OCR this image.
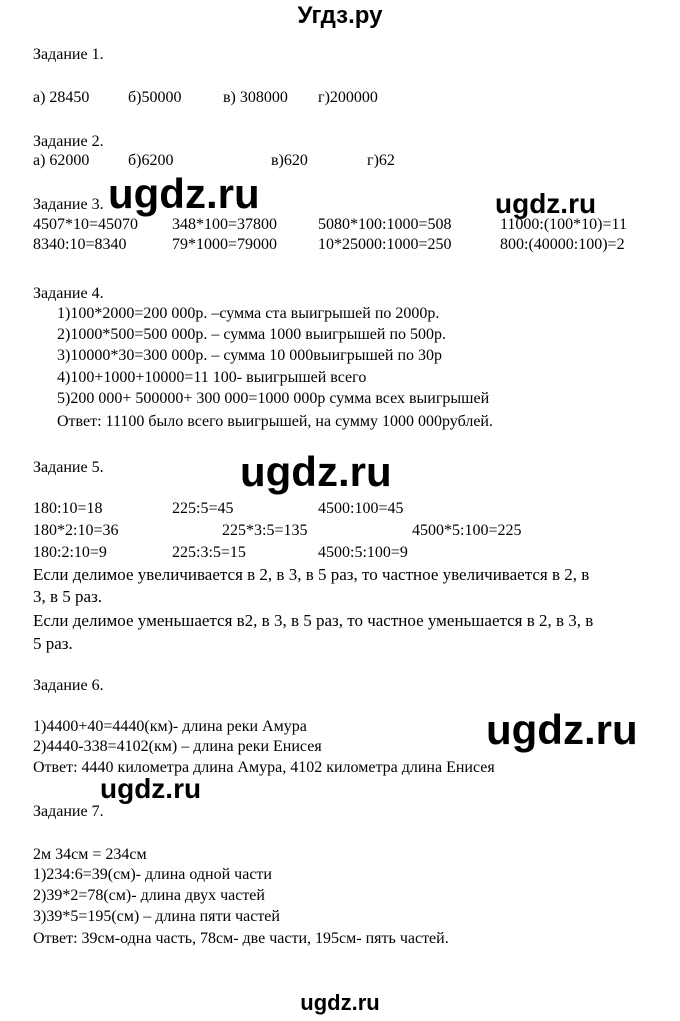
Угдз.ру
Задание 1.
а) 28450 б)50000	в) 308000 г)200000
Задание 2.
а) 62000 б)6200	в)620	г)62
Задание 3.
4507*10=45070 348*100=37800	5080*100:1000=508	11000:(100*10)=11
8340:10=8340	79*1000=79000	10*25000:1000=250	800:(40000:100)=2
Задание 4.
1)100*2000=200 000р. –сумма ста выигрышей по 2000р.
2)1000*500=500 000р. – сумма 1000 выигрышей по 500р.
3)10000*30=300 000р. – сумма 10 000выигрышей по 30р
4)100+1000+10000=11 100- выигрышей всего
5)200 000+ 500000+ 300 000=1000 000р сумма всех выигрышей
Ответ: 11100 было всего выигрышей, на сумму 1000 000рублей.
Задание 5.
180:10=18	225:5=45	4500:100=45
180*2:10=36	225*3:5=135	4500*5:100=225
180:2:10=9	225:3:5=15	4500:5:100=9
Если делимое увеличивается в 2, в 3, в 5 раз, то частное увеличивается в 2, в
3, в 5 раз.
Если делимое уменьшается в2, в 3, в 5 раз, то частное уменьшается в 2, в 3, в
5 раз.
Задание 6.
1)4400+40=4440(км)- длина реки Амура
2)4440-338=4102(км) – длина реки Енисея
Ответ: 4440 километра длина Амура, 4102 километра длина Енисея
Задание 7.
2м 34см = 234см
1)234:6=39(см)- длина одной части
2)39*2=78(см)- длина двух частей
3)39*5=195(см) – длина пяти частей
Ответ: 39см-одна часть, 78см- две части, 195см- пять частей.
ugdz.ru	ugdz.ru
ugdz.ru
ugdz.ru
ugdz.ru
ugdz.ru
